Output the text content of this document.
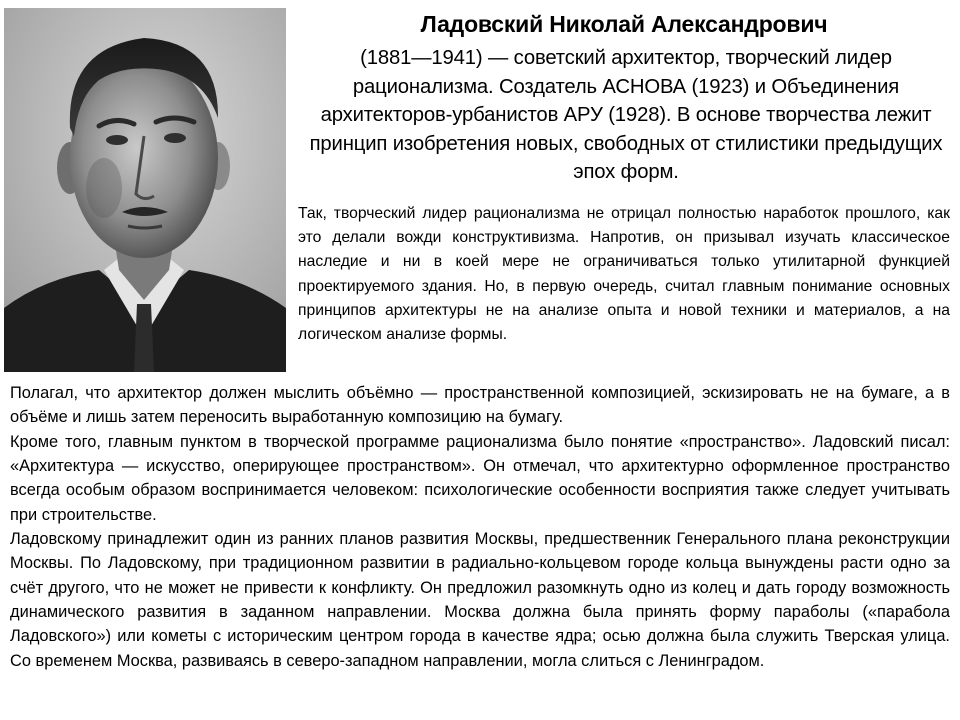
Ладовский Николай Александрович
(1881—1941) — советский архитектор, творческий лидер рационализма. Создатель АСНОВА (1923) и Объединения архитекторов-урбанистов АРУ (1928). В основе творчества лежит принцип изобретения новых, свободных от стилистики предыдущих эпох форм.
Так, творческий лидер рационализма не отрицал полностью наработок прошлого, как это делали вожди конструктивизма. Напротив, он призывал изучать классическое наследие и ни в коей мере не ограничиваться только утилитарной функцией проектируемого здания. Но, в первую очередь, считал главным понимание основных принципов архитектуры не на анализе опыта и новой техники и материалов, а на логическом анализе формы.

Полагал, что архитектор должен мыслить объёмно — пространственной композицией, эскизировать не на бумаге, а в объёме и лишь затем переносить выработанную композицию на бумагу.

Кроме того, главным пунктом в творческой программе рационализма было понятие «пространство». Ладовский писал: «Архитектура — искусство, оперирующее пространством». Он отмечал, что архитектурно оформленное пространство всегда особым образом воспринимается человеком: психологические особенности восприятия также следует учитывать при строительстве.

Ладовскому принадлежит один из ранних планов развития Москвы, предшественник Генерального плана реконструкции Москвы. По Ладовскому, при традиционном развитии в радиально-кольцевом городе кольца вынуждены расти одно за счёт другого, что не может не привести к конфликту. Он предложил разомкнуть одно из колец и дать городу возможность динамического развития в заданном направлении. Москва должна была принять форму параболы («парабола Ладовского») или кометы с историческим центром города в качестве ядра; осью должна была служить Тверская улица. Со временем Москва, развиваясь в северо-западном направлении, могла слиться с Ленинградом.
